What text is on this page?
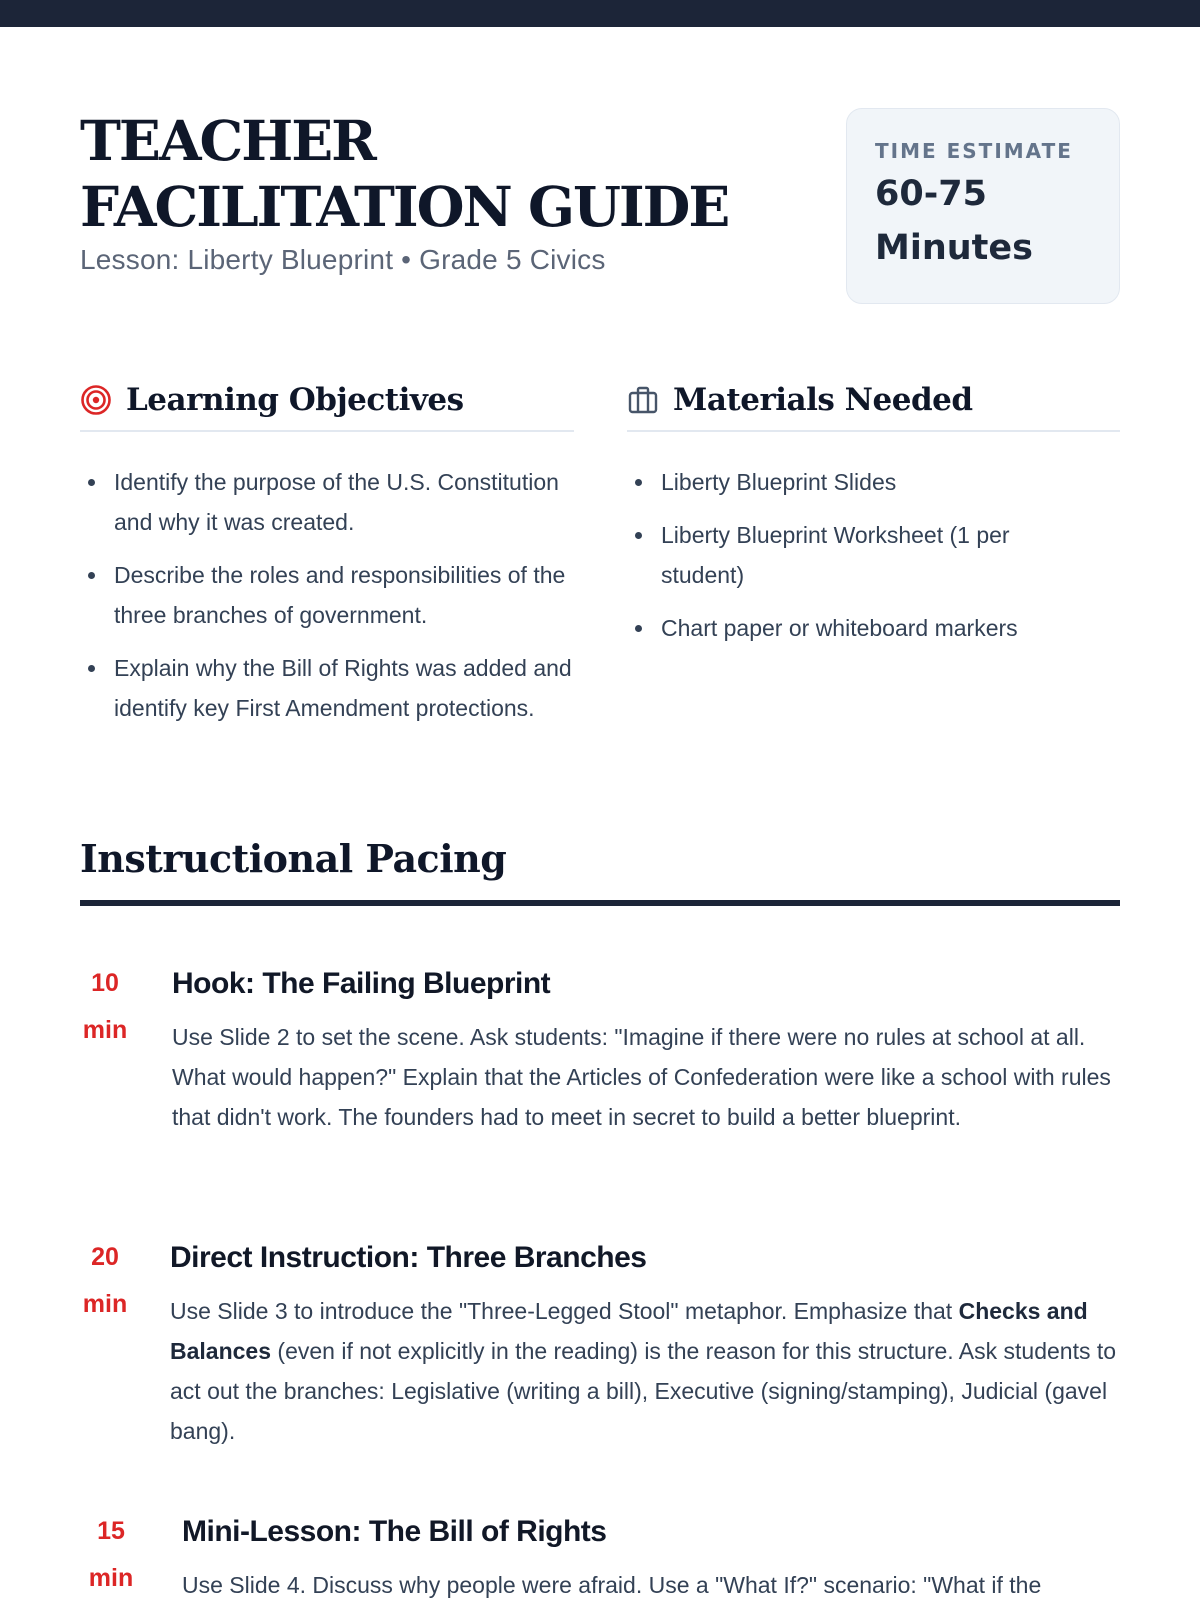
TEACHER FACILITATION GUIDE
Lesson: Liberty Blueprint • Grade 5 Civics
TIME ESTIMATE
60-75 Minutes
Learning Objectives	Materials Needed
Identify the purpose of the U.S. Constitution and why it was created.
Describe the roles and responsibilities of the three branches of government.
Explain why the Bill of Rights was added and identify key First Amendment protections.
Liberty Blueprint Slides
Liberty Blueprint Worksheet (1 per student)
Chart paper or whiteboard markers
Instructional Pacing
10 min
Hook: The Failing Blueprint
Use Slide 2 to set the scene. Ask students: "Imagine if there were no rules at school at all. What would happen?" Explain that the Articles of Confederation were like a school with rules that didn't work. The founders had to meet in secret to build a better blueprint.
20 min
Direct Instruction: Three Branches
Use Slide 3 to introduce the "Three-Legged Stool" metaphor. Emphasize that Checks and Balances (even if not explicitly in the reading) is the reason for this structure. Ask students to act out the branches: Legislative (writing a bill), Executive (signing/stamping), Judicial (gavel bang).
15 min
Mini-Lesson: The Bill of Rights
Use Slide 4. Discuss why people were afraid. Use a "What If?" scenario: "What if the
